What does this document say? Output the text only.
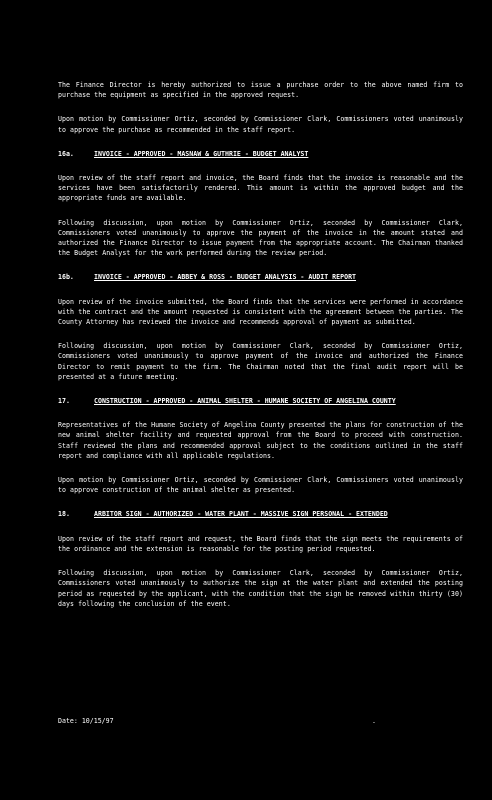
The Finance Director is hereby authorized to issue a purchase order to the above named firm to purchase the equipment as specified in the approved request.

Upon motion by Commissioner Ortiz, seconded by Commissioner Clark, Commissioners voted unanimously to approve the purchase as recommended in the staff report.

16a.	INVOICE - APPROVED - MASNAW & GUTHRIE - BUDGET ANALYST

Upon review of the staff report and invoice, the Board finds that the invoice is reasonable and the services have been satisfactorily rendered. This amount is within the approved budget and the appropriate funds are available.

Following discussion, upon motion by Commissioner Ortiz, seconded by Commissioner Clark, Commissioners voted unanimously to approve the payment of the invoice in the amount stated and authorized the Finance Director to issue payment from the appropriate account. The Chairman thanked the Budget Analyst for the work performed during the review period.

16b.	INVOICE - APPROVED - ABBEY & ROSS - BUDGET ANALYSIS - AUDIT REPORT

Upon review of the invoice submitted, the Board finds that the services were performed in accordance with the contract and the amount requested is consistent with the agreement between the parties. The County Attorney has reviewed the invoice and recommends approval of payment as submitted.

Following discussion, upon motion by Commissioner Clark, seconded by Commissioner Ortiz, Commissioners voted unanimously to approve payment of the invoice and authorized the Finance Director to remit payment to the firm. The Chairman noted that the final audit report will be presented at a future meeting.

17.	CONSTRUCTION - APPROVED - ANIMAL SHELTER - HUMANE SOCIETY OF ANGELINA COUNTY

Representatives of the Humane Society of Angelina County presented the plans for construction of the new animal shelter facility and requested approval from the Board to proceed with construction. Staff reviewed the plans and recommended approval subject to the conditions outlined in the staff report and compliance with all applicable regulations.

Upon motion by Commissioner Ortiz, seconded by Commissioner Clark, Commissioners voted unanimously to approve construction of the animal shelter as presented.

18.	ARBITOR SIGN - AUTHORIZED - WATER PLANT - MASSIVE SIGN PERSONAL - EXTENDED

Upon review of the staff report and request, the Board finds that the sign meets the requirements of the ordinance and the extension is reasonable for the posting period requested.

Following discussion, upon motion by Commissioner Clark, seconded by Commissioner Ortiz, Commissioners voted unanimously to authorize the sign at the water plant and extended the posting period as requested by the applicant, with the condition that the sign be removed within thirty (30) days following the conclusion of the event.

Date: 10/15/97	.
